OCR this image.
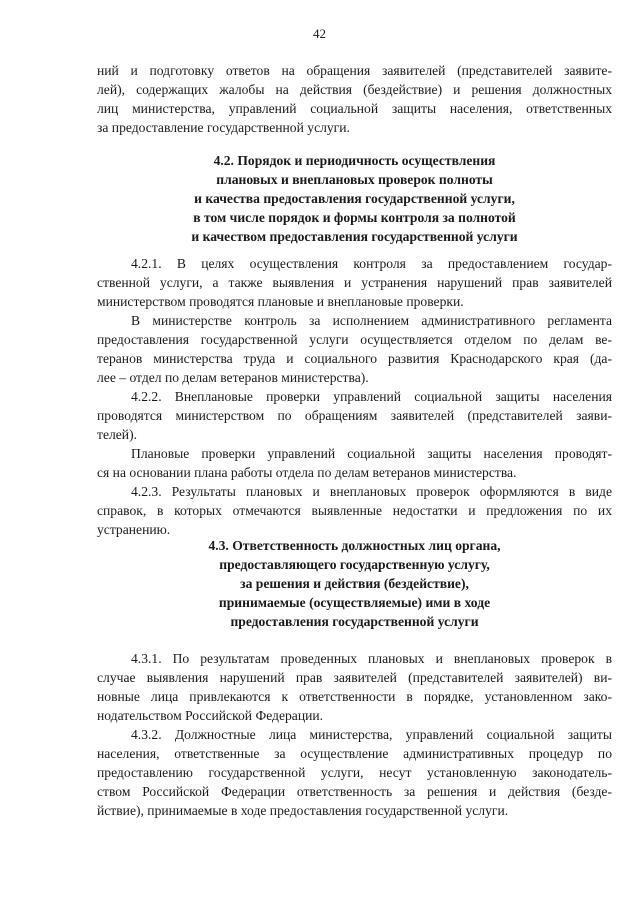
42
ний и подготовку ответов на обращения заявителей (представителей заявите-
лей), содержащих жалобы на действия (бездействие) и решения должностных
лиц министерства, управлений социальной защиты населения, ответственных
за предоставление государственной услуги.
4.2. Порядок и периодичность осуществления
плановых и внеплановых проверок полноты
и качества предоставления государственной услуги,
в том числе порядок и формы контроля за полнотой
и качеством предоставления государственной услуги
4.2.1. В целях осуществления контроля за предоставлением государ-
ственной услуги, а также выявления и устранения нарушений прав заявителей
министерством проводятся плановые и внеплановые проверки.
В министерстве контроль за исполнением административного регламента
предоставления государственной услуги осуществляется отделом по делам ве-
теранов министерства труда и социального развития Краснодарского края (да-
лее – отдел по делам ветеранов министерства).
4.2.2. Внеплановые проверки управлений социальной защиты населения
проводятся министерством по обращениям заявителей (представителей заяви-
телей).
Плановые проверки управлений социальной защиты населения проводят-
ся на основании плана работы отдела по делам ветеранов министерства.
4.2.3. Результаты плановых и внеплановых проверок оформляются в виде
справок, в которых отмечаются выявленные недостатки и предложения по их
устранению.
4.3. Ответственность должностных лиц органа,
предоставляющего государственную услугу,
за решения и действия (бездействие),
принимаемые (осуществляемые) ими в ходе
предоставления государственной услуги
4.3.1. По результатам проведенных плановых и внеплановых проверок в
случае выявления нарушений прав заявителей (представителей заявителей) ви-
новные лица привлекаются к ответственности в порядке, установленном зако-
нодательством Российской Федерации.
4.3.2. Должностные лица министерства, управлений социальной защиты
населения, ответственные за осуществление административных процедур по
предоставлению государственной услуги, несут установленную законодатель-
ством Российской Федерации ответственность за решения и действия (безде-
йствие), принимаемые в ходе предоставления государственной услуги.
